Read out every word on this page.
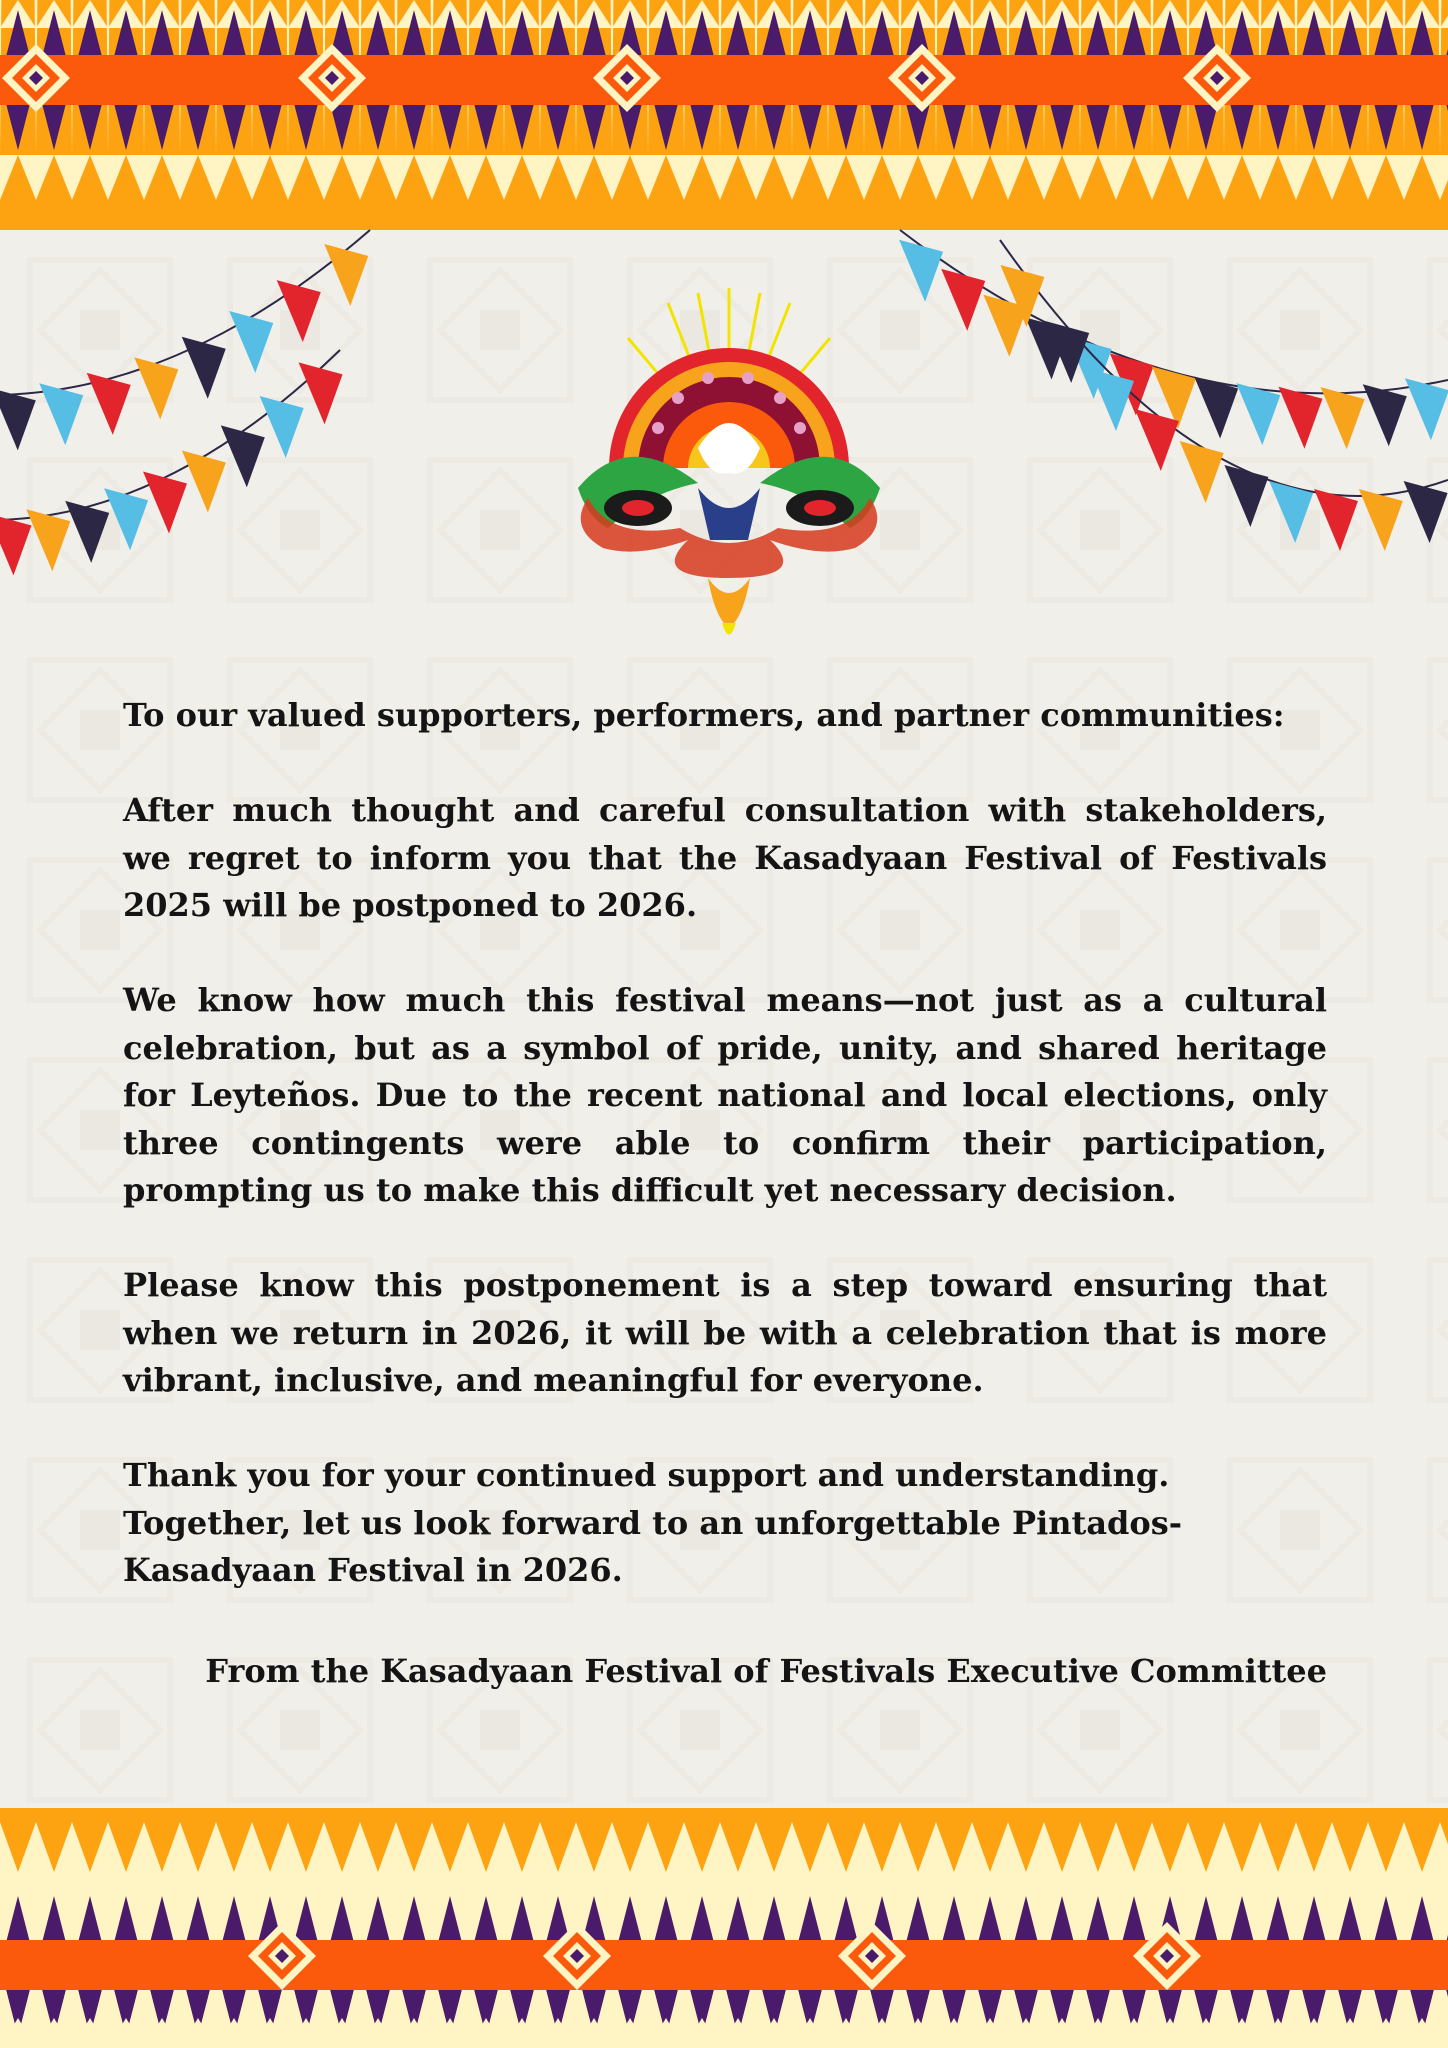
To our valued supporters, performers, and partner communities:

After much thought and careful consultation with stakeholders, we regret to inform you that the Kasadyaan Festival of Festivals 2025 will be postponed to 2026.

We know how much this festival means—not just as a cultural celebration, but as a symbol of pride, unity, and shared heritage for Leyteños. Due to the recent national and local elections, only three contingents were able to confirm their participation, prompting us to make this difficult yet necessary decision.

Please know this postponement is a step toward ensuring that when we return in 2026, it will be with a celebration that is more vibrant, inclusive, and meaningful for everyone.

Thank you for your continued support and understanding. Together, let us look forward to an unforgettable Pintados-Kasadyaan Festival in 2026.

From the Kasadyaan Festival of Festivals Executive Committee
